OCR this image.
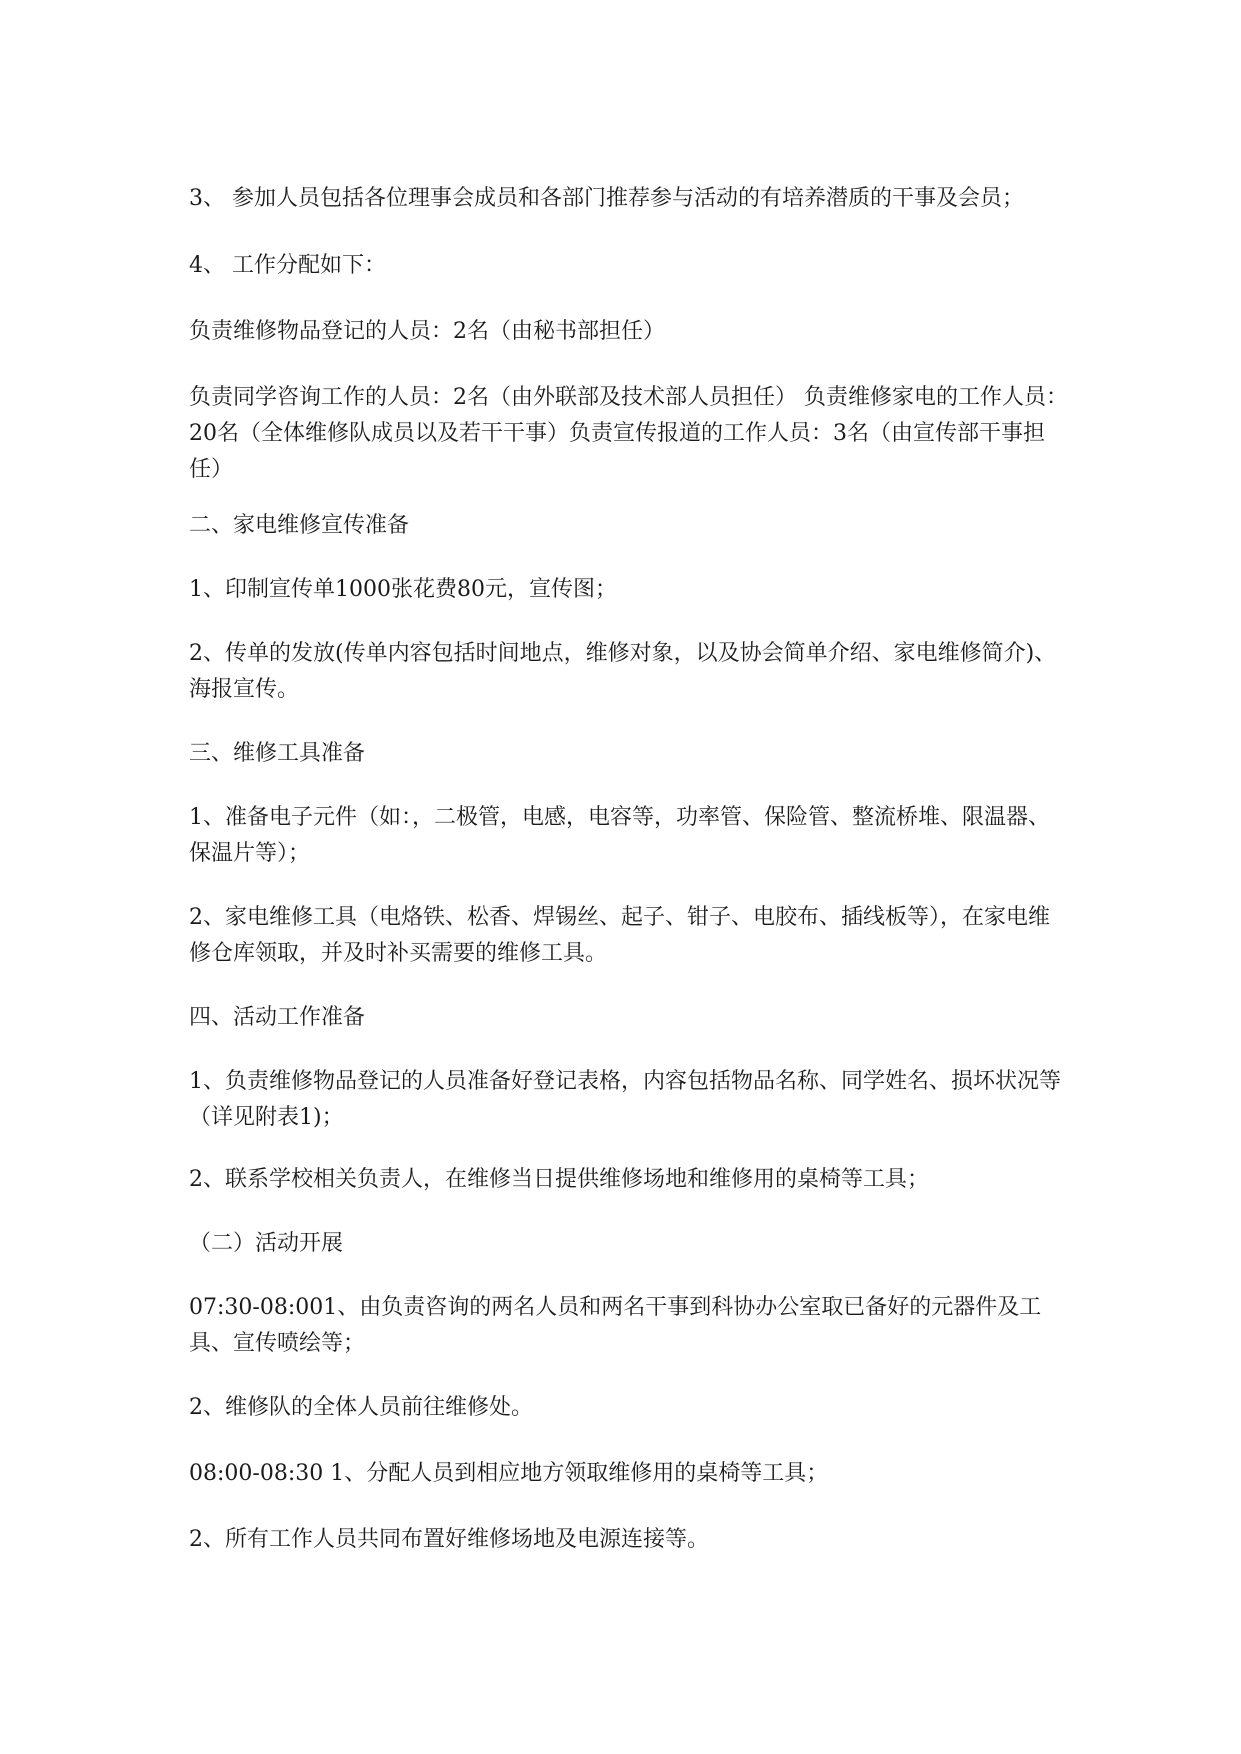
3、 参加人员包括各位理事会成员和各部门推荐参与活动的有培养潜质的干事及会员；

4、 工作分配如下：

负责维修物品登记的人员：2名（由秘书部担任）

负责同学咨询工作的人员：2名（由外联部及技术部人员担任） 负责维修家电的工作人员：20名（全体维修队成员以及若干干事）负责宣传报道的工作人员：3名（由宣传部干事担任）

二、家电维修宣传准备

1、印制宣传单1000张花费80元，宣传图；

2、传单的发放(传单内容包括时间地点，维修对象，以及协会简单介绍、家电维修简介)、海报宣传。

三、维修工具准备

1、准备电子元件（如：，二极管，电感，电容等，功率管、保险管、整流桥堆、限温器、保温片等）；

2、家电维修工具（电烙铁、松香、焊锡丝、起子、钳子、电胶布、插线板等），在家电维修仓库领取，并及时补买需要的维修工具。

四、活动工作准备

1、负责维修物品登记的人员准备好登记表格，内容包括物品名称、同学姓名、损坏状况等（详见附表1)；

2、联系学校相关负责人，在维修当日提供维修场地和维修用的桌椅等工具；

（二）活动开展

07:30-08:001、由负责咨询的两名人员和两名干事到科协办公室取已备好的元器件及工具、宣传喷绘等；

2、维修队的全体人员前往维修处。

08:00-08:30 1、分配人员到相应地方领取维修用的桌椅等工具；

2、所有工作人员共同布置好维修场地及电源连接等。
